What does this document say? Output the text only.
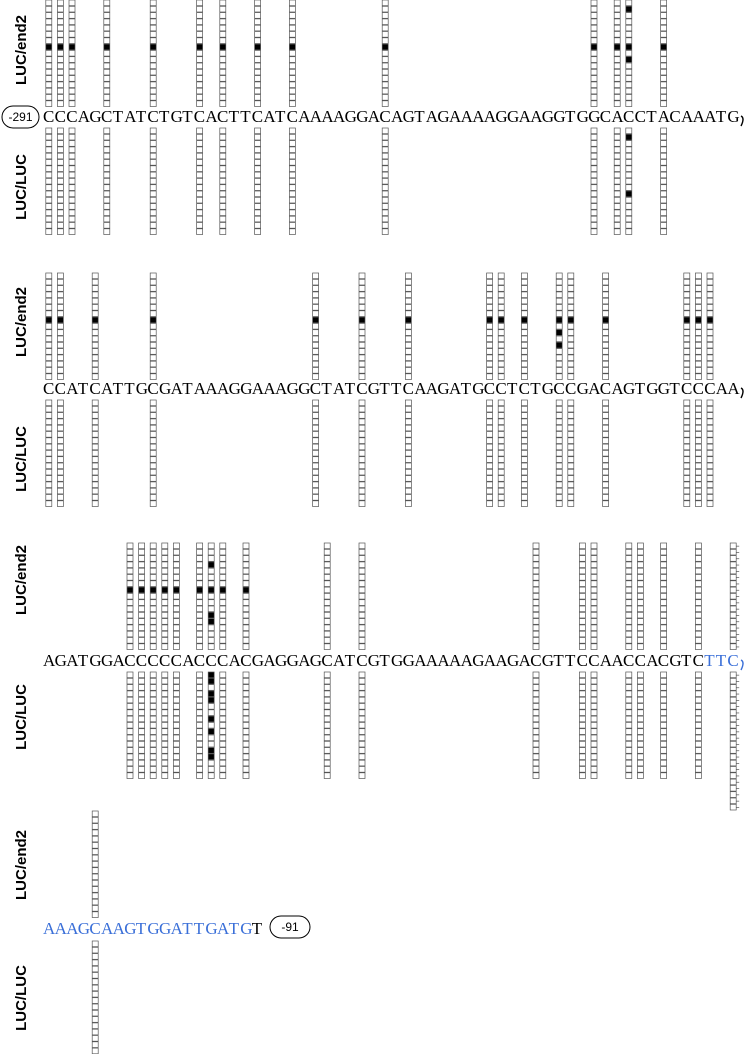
LUC/end2
LUC/LUC
CCCAGCTATCTGTCACTTCATCAAAAGGACAGTAGAAAAGGAAGGTGGCACCTACAAATG
LUC/end2
LUC/LUC
CCATCATTGCGATAAAGGAAAGGCTATCGTTCAAGATGCCTCTGCCGACAGTGGTCCCAA
LUC/end2
LUC/LUC
AGATGGACCCCCACCCACGAGGAGCATCGTGGAAAAAGAAGACGTTCCAACCACGTCTTC
LUC/end2
LUC/LUC
AAAGCAAGTGGATTGATGT
-291
-91
